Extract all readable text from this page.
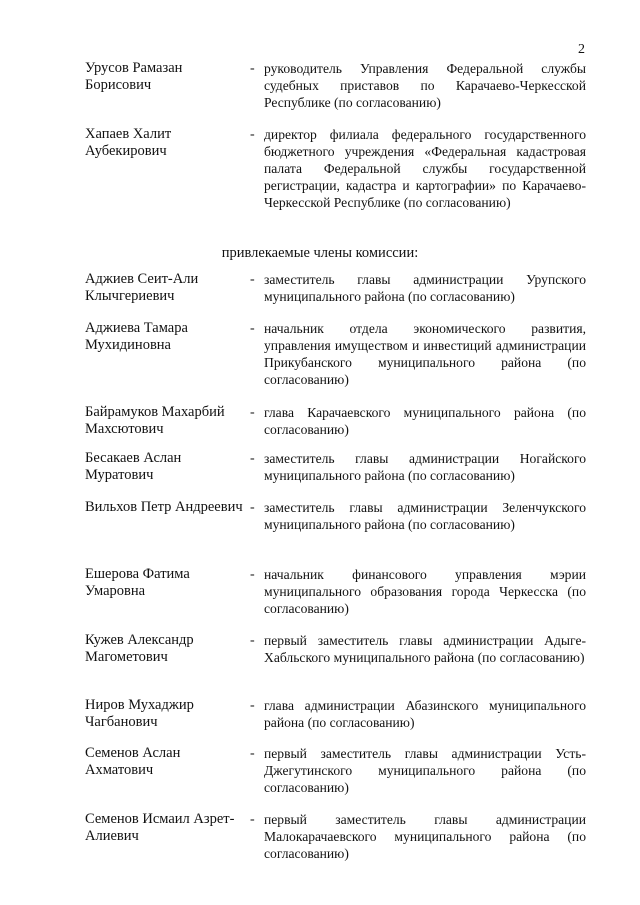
2
Урусов Рамазан Борисович
- руководитель Управления Федеральной службы судебных приставов по Карачаево-Черкесской Республике (по согласованию)
Хапаев Халит Аубекирович
- директор филиала федерального государственного бюджетного учреждения «Федеральная кадастровая палата Федеральной службы государственной регистрации, кадастра и картографии» по Карачаево-Черкесской Республике (по согласованию)
привлекаемые члены комиссии:
Аджиев Сеит-Али Клычгериевич
- заместитель главы администрации Урупского муниципального района (по согласованию)
Аджиева Тамара Мухидиновна
- начальник отдела экономического развития, управления имуществом и инвестиций администрации Прикубанского муниципального района (по согласованию)
Байрамуков Махарбий Махсютович
- глава Карачаевского муниципального района (по согласованию)
Бесакаев Аслан Муратович
- заместитель главы администрации Ногайского муниципального района (по согласованию)
Вильхов Петр Андреевич - заместитель главы администрации Зеленчукского муниципального района (по согласованию)
Ешерова Фатима Умаровна
- начальник финансового управления мэрии муниципального образования города Черкесска (по согласованию)
Кужев Александр Магометович
- первый заместитель главы администрации Адыге-Хабльского муниципального района (по согласованию)
Ниров Мухаджир Чагбанович
- глава администрации Абазинского муниципального района (по согласованию)
Семенов Аслан Ахматович
- первый заместитель главы администрации Усть-Джегутинского муниципального района (по согласованию)
Семенов Исмаил Азрет-Алиевич
- первый заместитель главы администрации Малокарачаевского муниципального района (по согласованию)
